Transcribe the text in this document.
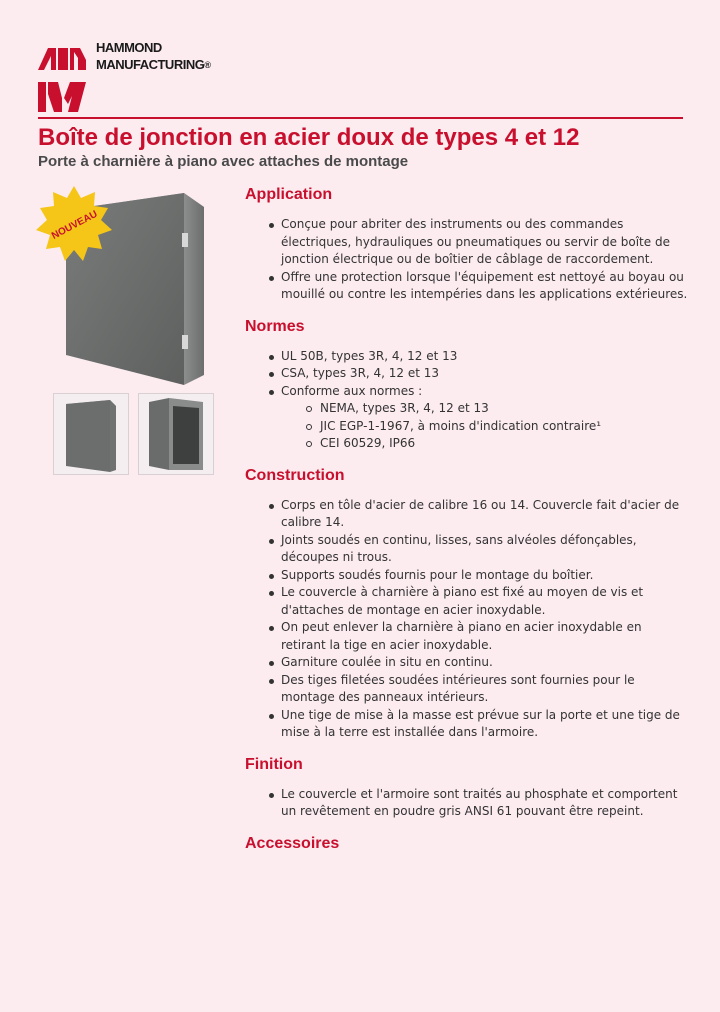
HAMMOND
MANUFACTURING®
Boîte de jonction en acier doux de types 4 et 12
Porte à charnière à piano avec attaches de montage
NOUVEAU
Application
Conçue pour abriter des instruments ou des commandes électriques, hydrauliques ou pneumatiques ou servir de boîte de jonction électrique ou de boîtier de câblage de raccordement.
Offre une protection lorsque l'équipement est nettoyé au boyau ou mouillé ou contre les intempéries dans les applications extérieures.
Normes
UL 50B, types 3R, 4, 12 et 13
CSA, types 3R, 4, 12 et 13
Conforme aux normes :
NEMA, types 3R, 4, 12 et 13
JIC EGP-1-1967, à moins d'indication contraire¹
CEI 60529, IP66
Construction
Corps en tôle d'acier de calibre 16 ou 14. Couvercle fait d'acier de calibre 14.
Joints soudés en continu, lisses, sans alvéoles défonçables, découpes ni trous.
Supports soudés fournis pour le montage du boîtier.
Le couvercle à charnière à piano est fixé au moyen de vis et d'attaches de montage en acier inoxydable.
On peut enlever la charnière à piano en acier inoxydable en retirant la tige en acier inoxydable.
Garniture coulée in situ en continu.
Des tiges filetées soudées intérieures sont fournies pour le montage des panneaux intérieurs.
Une tige de mise à la masse est prévue sur la porte et une tige de mise à la terre est installée dans l'armoire.
Finition
Le couvercle et l'armoire sont traités au phosphate et comportent un revêtement en poudre gris ANSI 61 pouvant être repeint.
Accessoires
